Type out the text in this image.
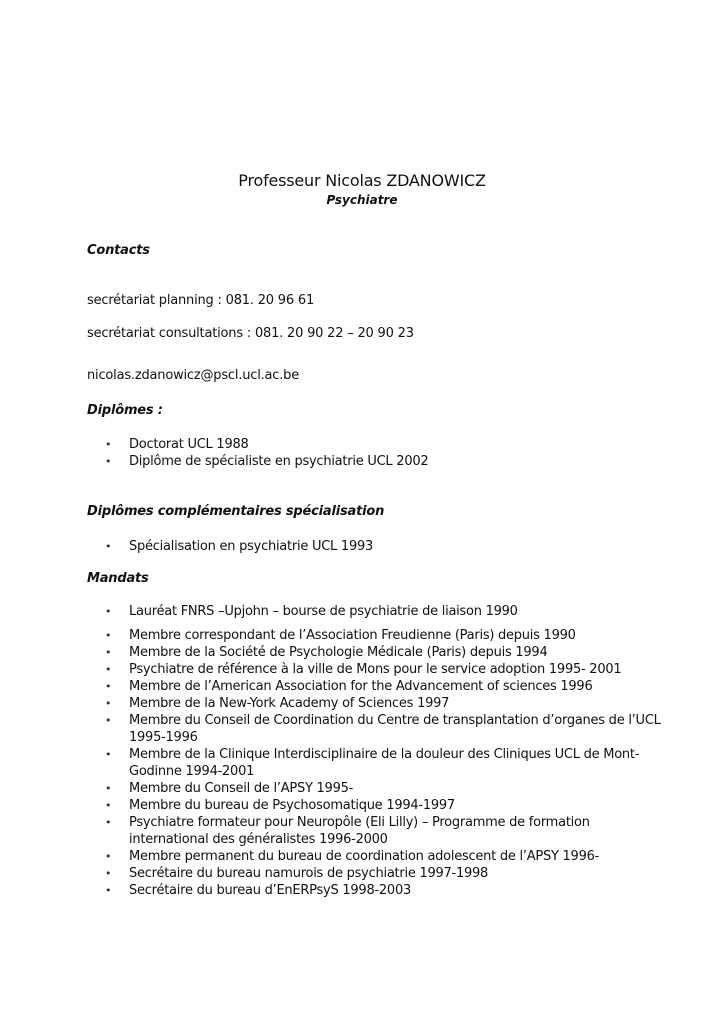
Professeur Nicolas ZDANOWICZ
Psychiatre
Contacts
secrétariat planning : 081. 20 96 61
secrétariat consultations : 081. 20 90 22 – 20 90 23
nicolas.zdanowicz@pscl.ucl.ac.be
Diplômes :
• Doctorat UCL 1988
• Diplôme de spécialiste en psychiatrie UCL 2002
Diplômes complémentaires spécialisation
• Spécialisation en psychiatrie UCL 1993
Mandats
• Lauréat FNRS –Upjohn – bourse de psychiatrie de liaison 1990
• Membre correspondant de l’Association Freudienne (Paris) depuis 1990
• Membre de la Société de Psychologie Médicale (Paris) depuis 1994
• Psychiatre de référence à la ville de Mons pour le service adoption 1995- 2001
• Membre de l’American Association for the Advancement of sciences 1996
• Membre de la New-York Academy of Sciences 1997
• Membre du Conseil de Coordination du Centre de transplantation d’organes de l’UCL 1995-1996
• Membre de la Clinique Interdisciplinaire de la douleur des Cliniques UCL de Mont-Godinne 1994-2001
• Membre du Conseil de l’APSY 1995-
• Membre du bureau de Psychosomatique 1994-1997
• Psychiatre formateur pour Neuropôle (Eli Lilly) – Programme de formation international des généralistes 1996-2000
• Membre permanent du bureau de coordination adolescent de l’APSY 1996-
• Secrétaire du bureau namurois de psychiatrie 1997-1998
• Secrétaire du bureau d’EnERPsyS 1998-2003
